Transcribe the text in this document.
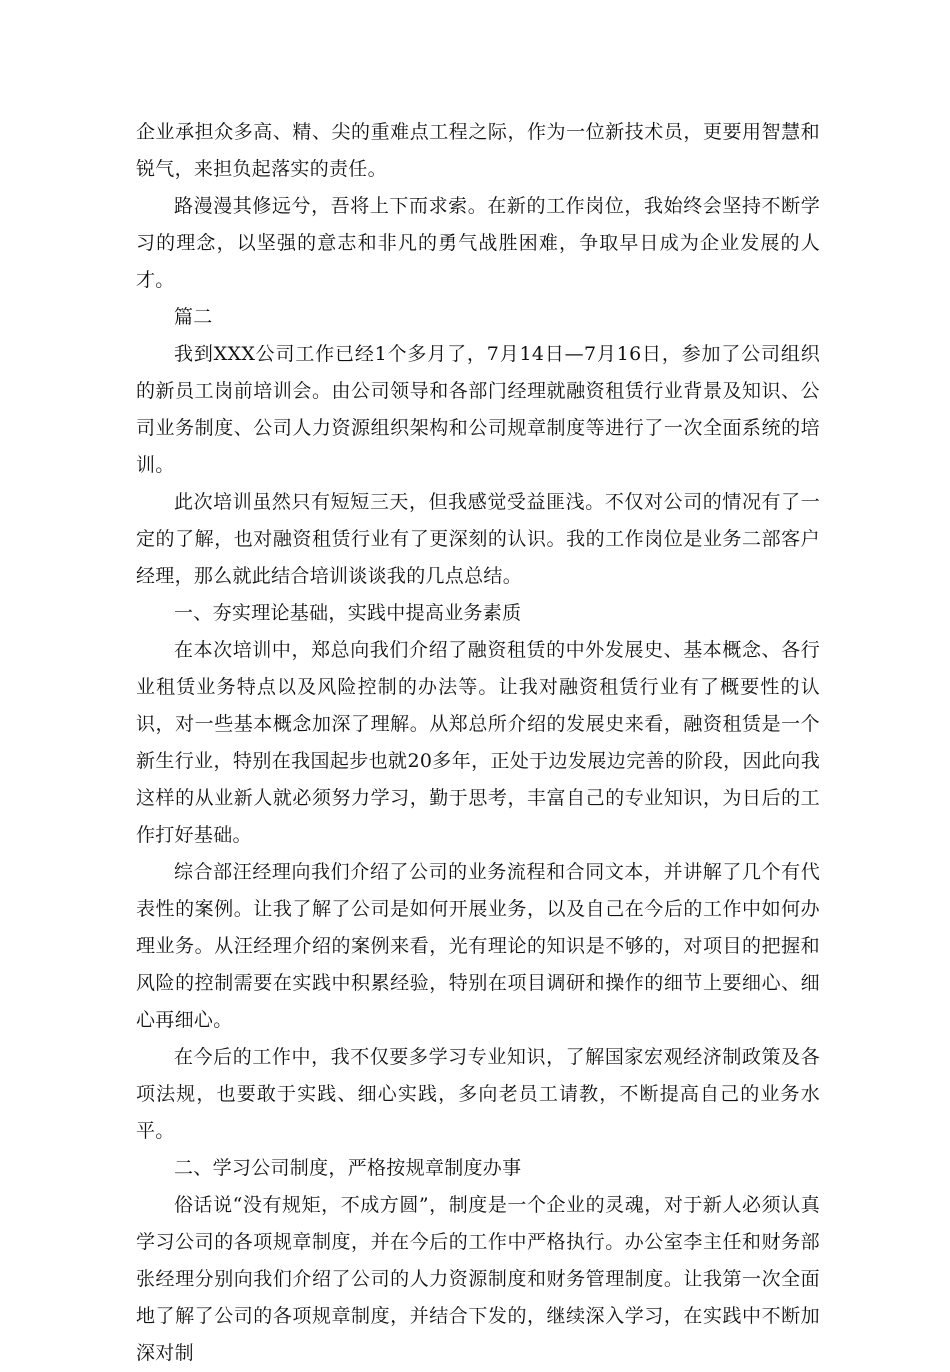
企业承担众多高、精、尖的重难点工程之际，作为一位新技术员，更要用智慧和锐气，来担负起落实的责任。

路漫漫其修远兮，吾将上下而求索。在新的工作岗位，我始终会坚持不断学习的理念，以坚强的意志和非凡的勇气战胜困难，争取早日成为企业发展的人才。

篇二

我到XXX公司工作已经1个多月了，7月14日—7月16日，参加了公司组织的新员工岗前培训会。由公司领导和各部门经理就融资租赁行业背景及知识、公司业务制度、公司人力资源组织架构和公司规章制度等进行了一次全面系统的培训。

此次培训虽然只有短短三天，但我感觉受益匪浅。不仅对公司的情况有了一定的了解，也对融资租赁行业有了更深刻的认识。我的工作岗位是业务二部客户经理，那么就此结合培训谈谈我的几点总结。

一、夯实理论基础，实践中提高业务素质

在本次培训中，郑总向我们介绍了融资租赁的中外发展史、基本概念、各行业租赁业务特点以及风险控制的办法等。让我对融资租赁行业有了概要性的认识，对一些基本概念加深了理解。从郑总所介绍的发展史来看，融资租赁是一个新生行业，特别在我国起步也就20多年，正处于边发展边完善的阶段，因此向我这样的从业新人就必须努力学习，勤于思考，丰富自己的专业知识，为日后的工作打好基础。

综合部汪经理向我们介绍了公司的业务流程和合同文本，并讲解了几个有代表性的案例。让我了解了公司是如何开展业务，以及自己在今后的工作中如何办理业务。从汪经理介绍的案例来看，光有理论的知识是不够的，对项目的把握和风险的控制需要在实践中积累经验，特别在项目调研和操作的细节上要细心、细心再细心。

在今后的工作中，我不仅要多学习专业知识，了解国家宏观经济制政策及各项法规，也要敢于实践、细心实践，多向老员工请教，不断提高自己的业务水平。

二、学习公司制度，严格按规章制度办事

俗话说“没有规矩，不成方圆”，制度是一个企业的灵魂，对于新人必须认真学习公司的各项规章制度，并在今后的工作中严格执行。办公室李主任和财务部张经理分别向我们介绍了公司的人力资源制度和财务管理制度。让我第一次全面地了解了公司的各项规章制度，并结合下发的，继续深入学习，在实践中不断加深对制
